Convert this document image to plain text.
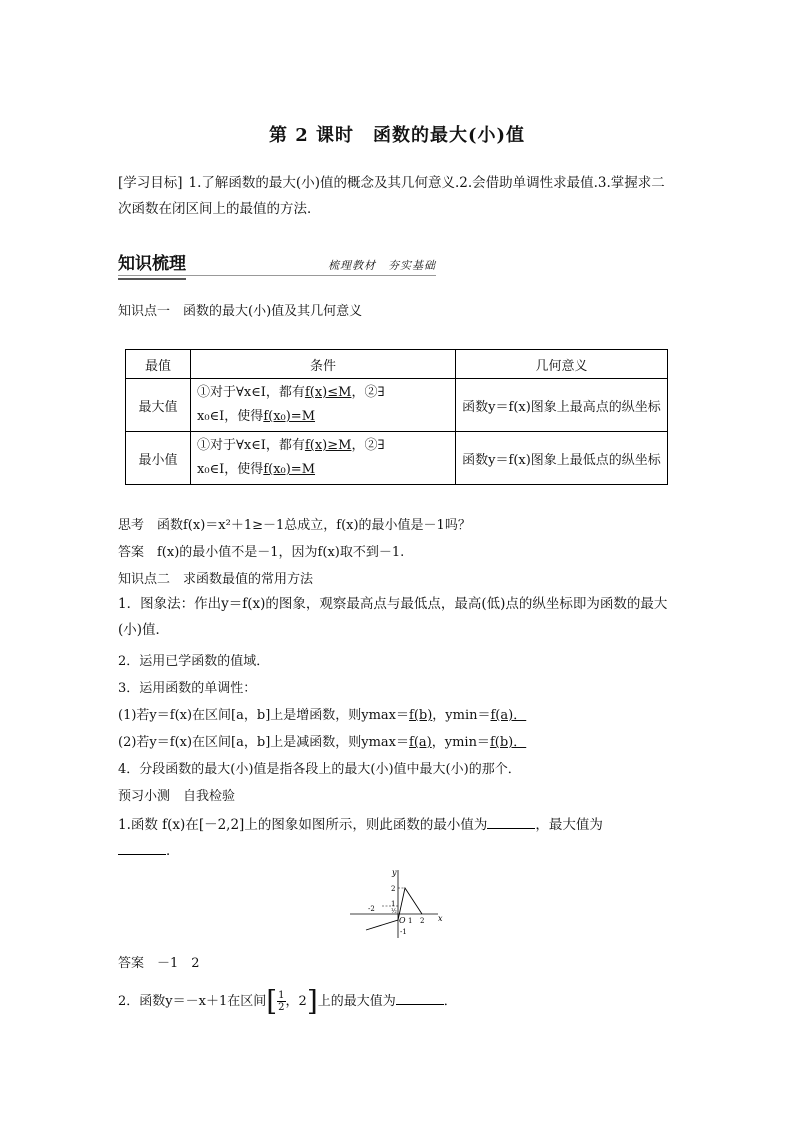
第 2 课时　函数的最大(小)值
[学习目标] 1.了解函数的最大(小)值的概念及其几何意义.2.会借助单调性求最值.3.掌握求二次函数在闭区间上的最值的方法．
知识梳理	梳理教材　夯实基础
知识点一　函数的最大(小)值及其几何意义
最值	条件	几何意义
最大值	①对于∀x∈I，都有f(x)≤M，②∃
x₀∈I，使得f(x₀)=M	函数y＝f(x)图象上最高点的纵坐标
最小值	①对于∀x∈I，都有f(x)≥M，②∃
x₀∈I，使得f(x₀)=M	函数y＝f(x)图象上最低点的纵坐标
思考　函数f(x)＝x²＋1≥－1总成立，f(x)的最小值是－1吗？
答案　f(x)的最小值不是－1，因为f(x)取不到－1.
知识点二　求函数最值的常用方法
1．图象法：作出y＝f(x)的图象，观察最高点与最低点，最高(低)点的纵坐标即为函数的最大(小)值．
2．运用已学函数的值域．
3．运用函数的单调性：
(1)若y＝f(x)在区间[a，b]上是增函数，则ymax＝f(b)，ymin＝f(a)．
(2)若y＝f(x)在区间[a，b]上是减函数，则ymax＝f(a)，ymin＝f(b)．
4．分段函数的最大(小)值是指各段上的最大(小)值中最大(小)的那个．
预习小测　自我检验
1.函数 f(x)在[－2,2]上的图象如图所示，则此函数的最小值为	，最大值为
．
y
x
O
2
1
-1
-2
1 2
½
答案　－1　2
2．函数y＝－x＋1在区间[ $\frac{1}{2}$ ，2]上的最大值为	．
